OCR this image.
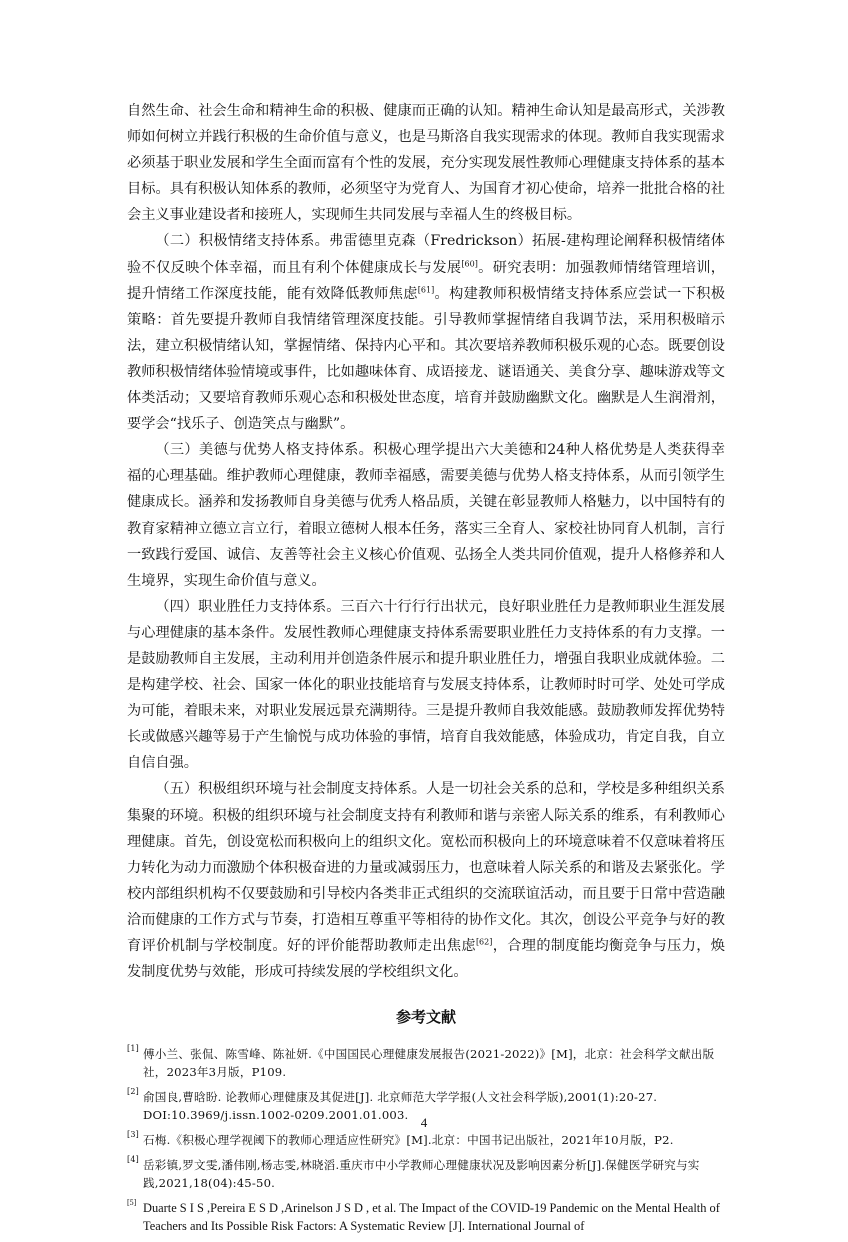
自然生命、社会生命和精神生命的积极、健康而正确的认知。精神生命认知是最高形式，关涉教师如何树立并践行积极的生命价值与意义，也是马斯洛自我实现需求的体现。教师自我实现需求必须基于职业发展和学生全面而富有个性的发展，充分实现发展性教师心理健康支持体系的基本目标。具有积极认知体系的教师，必须坚守为党育人、为国育才初心使命，培养一批批合格的社会主义事业建设者和接班人，实现师生共同发展与幸福人生的终极目标。

（二）积极情绪支持体系。弗雷德里克森（Fredrickson）拓展-建构理论阐释积极情绪体验不仅反映个体幸福，而且有利个体健康成长与发展[60]。研究表明：加强教师情绪管理培训，提升情绪工作深度技能，能有效降低教师焦虑[61]。构建教师积极情绪支持体系应尝试一下积极策略：首先要提升教师自我情绪管理深度技能。引导教师掌握情绪自我调节法，采用积极暗示法，建立积极情绪认知，掌握情绪、保持内心平和。其次要培养教师积极乐观的心态。既要创设教师积极情绪体验情境或事件，比如趣味体育、成语接龙、谜语通关、美食分享、趣味游戏等文体类活动；又要培育教师乐观心态和积极处世态度，培育并鼓励幽默文化。幽默是人生润滑剂，要学会“找乐子、创造笑点与幽默”。

（三）美德与优势人格支持体系。积极心理学提出六大美德和24种人格优势是人类获得幸福的心理基础。维护教师心理健康，教师幸福感，需要美德与优势人格支持体系，从而引领学生健康成长。涵养和发扬教师自身美德与优秀人格品质，关键在彰显教师人格魅力，以中国特有的教育家精神立德立言立行，着眼立德树人根本任务，落实三全育人、家校社协同育人机制，言行一致践行爱国、诚信、友善等社会主义核心价值观、弘扬全人类共同价值观，提升人格修养和人生境界，实现生命价值与意义。

（四）职业胜任力支持体系。三百六十行行行出状元，良好职业胜任力是教师职业生涯发展与心理健康的基本条件。发展性教师心理健康支持体系需要职业胜任力支持体系的有力支撑。一是鼓励教师自主发展，主动利用并创造条件展示和提升职业胜任力，增强自我职业成就体验。二是构建学校、社会、国家一体化的职业技能培育与发展支持体系，让教师时时可学、处处可学成为可能，着眼未来，对职业发展远景充满期待。三是提升教师自我效能感。鼓励教师发挥优势特长或做感兴趣等易于产生愉悦与成功体验的事情，培育自我效能感，体验成功，肯定自我，自立自信自强。

（五）积极组织环境与社会制度支持体系。人是一切社会关系的总和，学校是多种组织关系集聚的环境。积极的组织环境与社会制度支持有利教师和谐与亲密人际关系的维系，有利教师心理健康。首先，创设宽松而积极向上的组织文化。宽松而积极向上的环境意味着不仅意味着将压力转化为动力而激励个体积极奋进的力量或减弱压力，也意味着人际关系的和谐及去紧张化。学校内部组织机构不仅要鼓励和引导校内各类非正式组织的交流联谊活动，而且要于日常中营造融洽而健康的工作方式与节奏，打造相互尊重平等相待的协作文化。其次，创设公平竞争与好的教育评价机制与学校制度。好的评价能帮助教师走出焦虑[62]，合理的制度能均衡竞争与压力，焕发制度优势与效能，形成可持续发展的学校组织文化。

参考文献

[1] 傅小兰、张侃、陈雪峰、陈祉妍.《中国国民心理健康发展报告(2021-2022)》[M]，北京：社会科学文献出版社，2023年3月版，P109.

[2] 俞国良,曹晗盼. 论教师心理健康及其促进[J]. 北京师范大学学报(人文社会科学版),2001(1):20-27. DOI:10.3969/j.issn.1002-0209.2001.01.003.

[3] 石梅.《积极心理学视阈下的教师心理适应性研究》[M].北京：中国书记出版社，2021年10月版，P2.

[4] 岳彩镇,罗文雯,潘伟刚,杨志雯,林晓滔.重庆市中小学教师心理健康状况及影响因素分析[J].保健医学研究与实践,2021,18(04):45-50.

[5] Duarte S I S ,Pereira E S D ,Arinelson J S D , et al. The Impact of the COVID-19 Pandemic on the Mental Health of Teachers and Its Possible Risk Factors: A Systematic Review [J]. International Journal of

4
